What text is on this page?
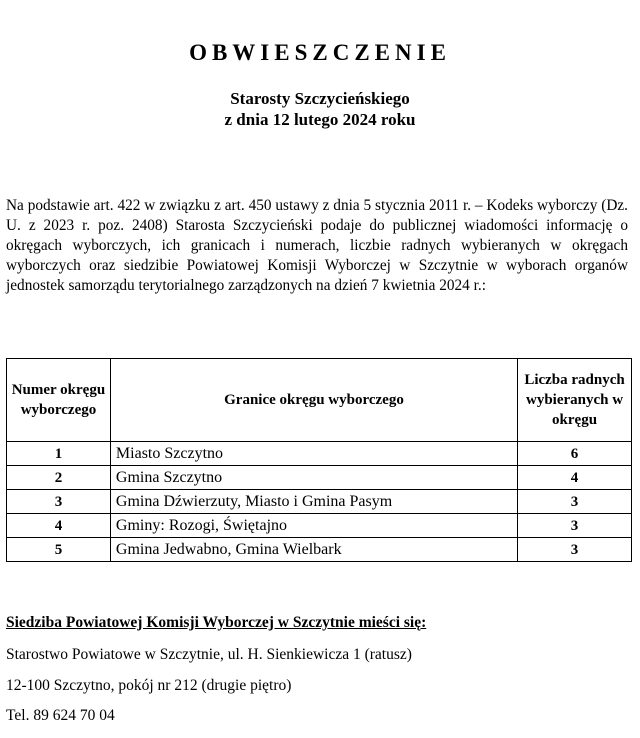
OBWIESZCZENIE
Starosty Szczycieńskiego
z dnia 12 lutego 2024 roku
Na podstawie art. 422 w związku z art. 450 ustawy z dnia 5 stycznia 2011 r. – Kodeks wyborczy (Dz. U. z 2023 r. poz. 2408) Starosta Szczycieński podaje do publicznej wiadomości informację o okręgach wyborczych, ich granicach i numerach, liczbie radnych wybieranych w okręgach wyborczych oraz siedzibie Powiatowej Komisji Wyborczej w Szczytnie w wyborach organów jednostek samorządu terytorialnego zarządzonych na dzień 7 kwietnia 2024 r.:
Numer okręgu wyborczego	Granice okręgu wyborczego	Liczba radnych wybieranych w okręgu
1	Miasto Szczytno	6
2	Gmina Szczytno	4
3	Gmina Dźwierzuty, Miasto i Gmina Pasym	3
4	Gminy: Rozogi, Świętajno	3
5	Gmina Jedwabno, Gmina Wielbark	3
Siedziba Powiatowej Komisji Wyborczej w Szczytnie mieści się:
Starostwo Powiatowe w Szczytnie, ul. H. Sienkiewicza 1 (ratusz)
12-100 Szczytno, pokój nr 212 (drugie piętro)
Tel. 89 624 70 04
